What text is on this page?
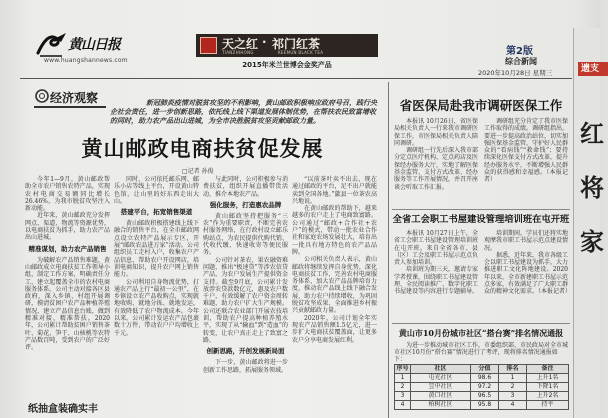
黄山日报
www.huangshannews.com
天之红 · 祁门红茶
TIANZHIHONG	KEEMUN BLACK TEA
2015年米兰世博会金奖产品
第2版
综合新闻
2020年10月28日 星期三	遗支
红
将
家
经济观察	新冠肺炎疫情对脱贫攻坚的不利影响，黄山邮政积极响应政府号召，践行央企社会责任，进一步创新思路，依托线上线下渠道发展体制优势，在帮扶农民致富增收的同时，助力农产品出山进城，为全市决胜脱贫攻坚贡献邮政力量。
黄山邮政电商扶贫促发展
□记者 孙俊

今年1—9月，黄山邮政帮助全市农户销售农特产品，实现农村电商交易额同比增长26.46%，为我市脱贫攻坚注入新动能。

近年来，黄山邮政充分发挥网点、渠道、物流等资源优势，以电商扶贫为抓手，助力农产品出山进城。

精准谋划，助力农产品销售

为破解农产品销售难题，黄山邮政成立电商扶贫工作领导小组，制定工作方案，明确责任分工，建立起覆盖全市的农村电商服务体系。公司主动对接各区县政府，深入乡镇、村组开展调研，摸清贫困户农产品种植养殖情况，建立产品信息台账，做到精准对接、精准帮扶。2020年，公司累计帮助贫困户销售茶叶、菊花、笋干、山核桃等农特产品数百吨，受到农户的广泛好评。

同时，公司依托邮乐网、邮乐小店等线上平台，开设黄山特色馆，让山里的好东西走出大山。

搭建平台，拓宽销售渠道

黄山邮政积极搭建线上线下融合的销售平台，在全市邮政网点设立农特产品展示专区，开展“邮政农品进万家”活动。公司组织员工走村入户，收集农户产品信息，帮助农户开设网店，培训电商知识，提升农户网上销售能力。

公司利用自身物流优势，打通农产品上行“最初一公里”，在乡镇设立农产品收购点，实现就地收购、就地分拣、就地发运，有效降低了农户物流成本。今年以来，公司累计发运农产品包裹数十万件，带动农户户均增收上千元。

与此同时，公司积极参与消费扶贫，组织开展直播带货活动，推介本地农产品。

强化服务，打造惠农品牌

黄山邮政坚持把服务“三农”作为重要职责，不断完善农村服务网络，在行政村设立邮乐购站点，为农民提供代购代销、代收代缴、快递收寄等便民服务。

公司针对茶农、果农融资难问题，推出“极速贷”等涉农信贷产品，为农户发展生产提供资金支持。截至9月底，公司累计发放涉农贷款数亿元，惠及农户数千户，有效缓解了农户资金周转难题，助力农户扩大生产规模。公司还联合农业部门开展农技培训，帮助农户提高种植养殖水平，实现了从“输血”到“造血”的转变，让农户真正走上了致富之路。

创新思路，开创发展新局面

下一步，黄山邮政将进一步创新工作思路，拓展服务领域。

“以前茶叶卖不出去，现在通过邮政的平台，足不出户就能卖到全国各地。”歙县一位茶农高兴地说。

在黄山邮政的帮助下，越来越多的农户走上了电商致富路。公司通过“邮政+合作社+农户”的模式，带动一批农业合作社和家庭农场发展壮大，培育出一批具有地方特色的农产品品牌。

公司相关负责人表示，黄山邮政将继续发挥自身优势，深化电商扶贫工作，完善农村电商服务体系，加大农产品品牌培育力度，推动农产品线上线下融合发展，助力农户持续增收，为巩固脱贫攻坚成果、全面推进乡村振兴贡献邮政力量。

2020年，公司计划全年实现农产品销售额1.5亿元，进一步扩大电商扶贫覆盖面，让更多农户分享电商发展红利。

省医保局赴我市调研医保工作

本报讯 10月26日，省医保局相关负责人一行来我市调研医保工作，市医保局相关负责人陪同调研。

调研组一行先后深入我市部分定点医疗机构、定点药店及医保经办服务大厅，实地了解医保基金监管、支付方式改革、经办服务等工作开展情况，并召开座谈会听取工作汇报。

调研组充分肯定了我市医保工作取得的成绩。调研组指出，要进一步提高政治站位，切实加强医保基金监管，守护好人民群众的“看病钱”“救命钱”；要持续深化医保支付方式改革，提升经办服务水平，不断增强人民群众的获得感和幸福感。（本报记者）

全省工会职工书屋建设管理培训班在屯开班

本报讯 10月27日上午，全省工会职工书屋建设管理培训班在屯开班。来自全省各市、县（区）工会及职工书屋示范点负责人参加培训。

培训班为期三天，邀请专家学者授课，围绕职工书屋建设管理、全民阅读推广、数字化职工书屋建设等内容进行专题辅导。

培训期间，学员们还将实地观摩我市职工书屋示范点建设情况。

据悉，近年来，我市各级工会以职工书屋建设为抓手，大力推进职工文化阵地建设。2020年以来，全市新建职工书屋示范点多家，有效满足了广大职工群众的精神文化需求。（本报记者）

黄山市10月份城市社区“搭台赛”排名情况通报
为进一步推动城市社区工作，市委组织部、市民政局对全市城市社区10月份“搭台赛”情况进行了考评，现将排名情况通报如下：
序号	社区	分值	排名	备注
1	屯光社区	98.6	1	上升1名
2	昱中社区	97.2	2	下降1名
3	黄口社区	96.5	3	上升2名
4	柏树社区	95.8	4	持平
纸抽盒装确实丰
